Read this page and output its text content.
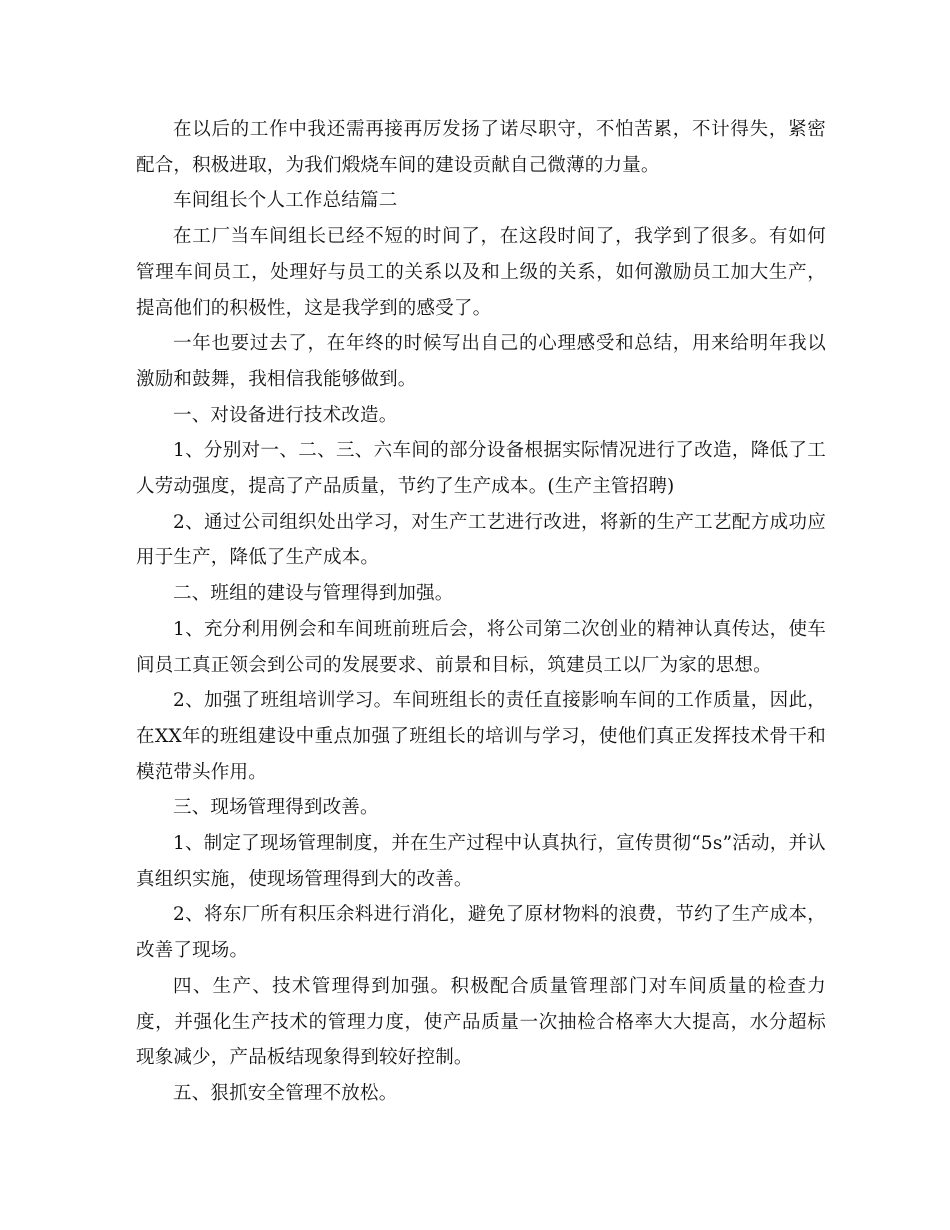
在以后的工作中我还需再接再厉发扬了诺尽职守，不怕苦累，不计得失，紧密配合，积极进取，为我们煅烧车间的建设贡献自己微薄的力量。

车间组长个人工作总结篇二

在工厂当车间组长已经不短的时间了，在这段时间了，我学到了很多。有如何管理车间员工，处理好与员工的关系以及和上级的关系，如何激励员工加大生产，提高他们的积极性，这是我学到的感受了。

一年也要过去了，在年终的时候写出自己的心理感受和总结，用来给明年我以激励和鼓舞，我相信我能够做到。

一、对设备进行技术改造。

1、分别对一、二、三、六车间的部分设备根据实际情况进行了改造，降低了工人劳动强度，提高了产品质量，节约了生产成本。(生产主管招聘)

2、通过公司组织处出学习，对生产工艺进行改进，将新的生产工艺配方成功应用于生产，降低了生产成本。

二、班组的建设与管理得到加强。

1、充分利用例会和车间班前班后会，将公司第二次创业的精神认真传达，使车间员工真正领会到公司的发展要求、前景和目标，筑建员工以厂为家的思想。

2、加强了班组培训学习。车间班组长的责任直接影响车间的工作质量，因此，在XX年的班组建设中重点加强了班组长的培训与学习，使他们真正发挥技术骨干和模范带头作用。

三、现场管理得到改善。

1、制定了现场管理制度，并在生产过程中认真执行，宣传贯彻“5s”活动，并认真组织实施，使现场管理得到大的改善。

2、将东厂所有积压余料进行消化，避免了原材物料的浪费，节约了生产成本，改善了现场。

四、生产、技术管理得到加强。积极配合质量管理部门对车间质量的检查力度，并强化生产技术的管理力度，使产品质量一次抽检合格率大大提高，水分超标现象减少，产品板结现象得到较好控制。

五、狠抓安全管理不放松。
